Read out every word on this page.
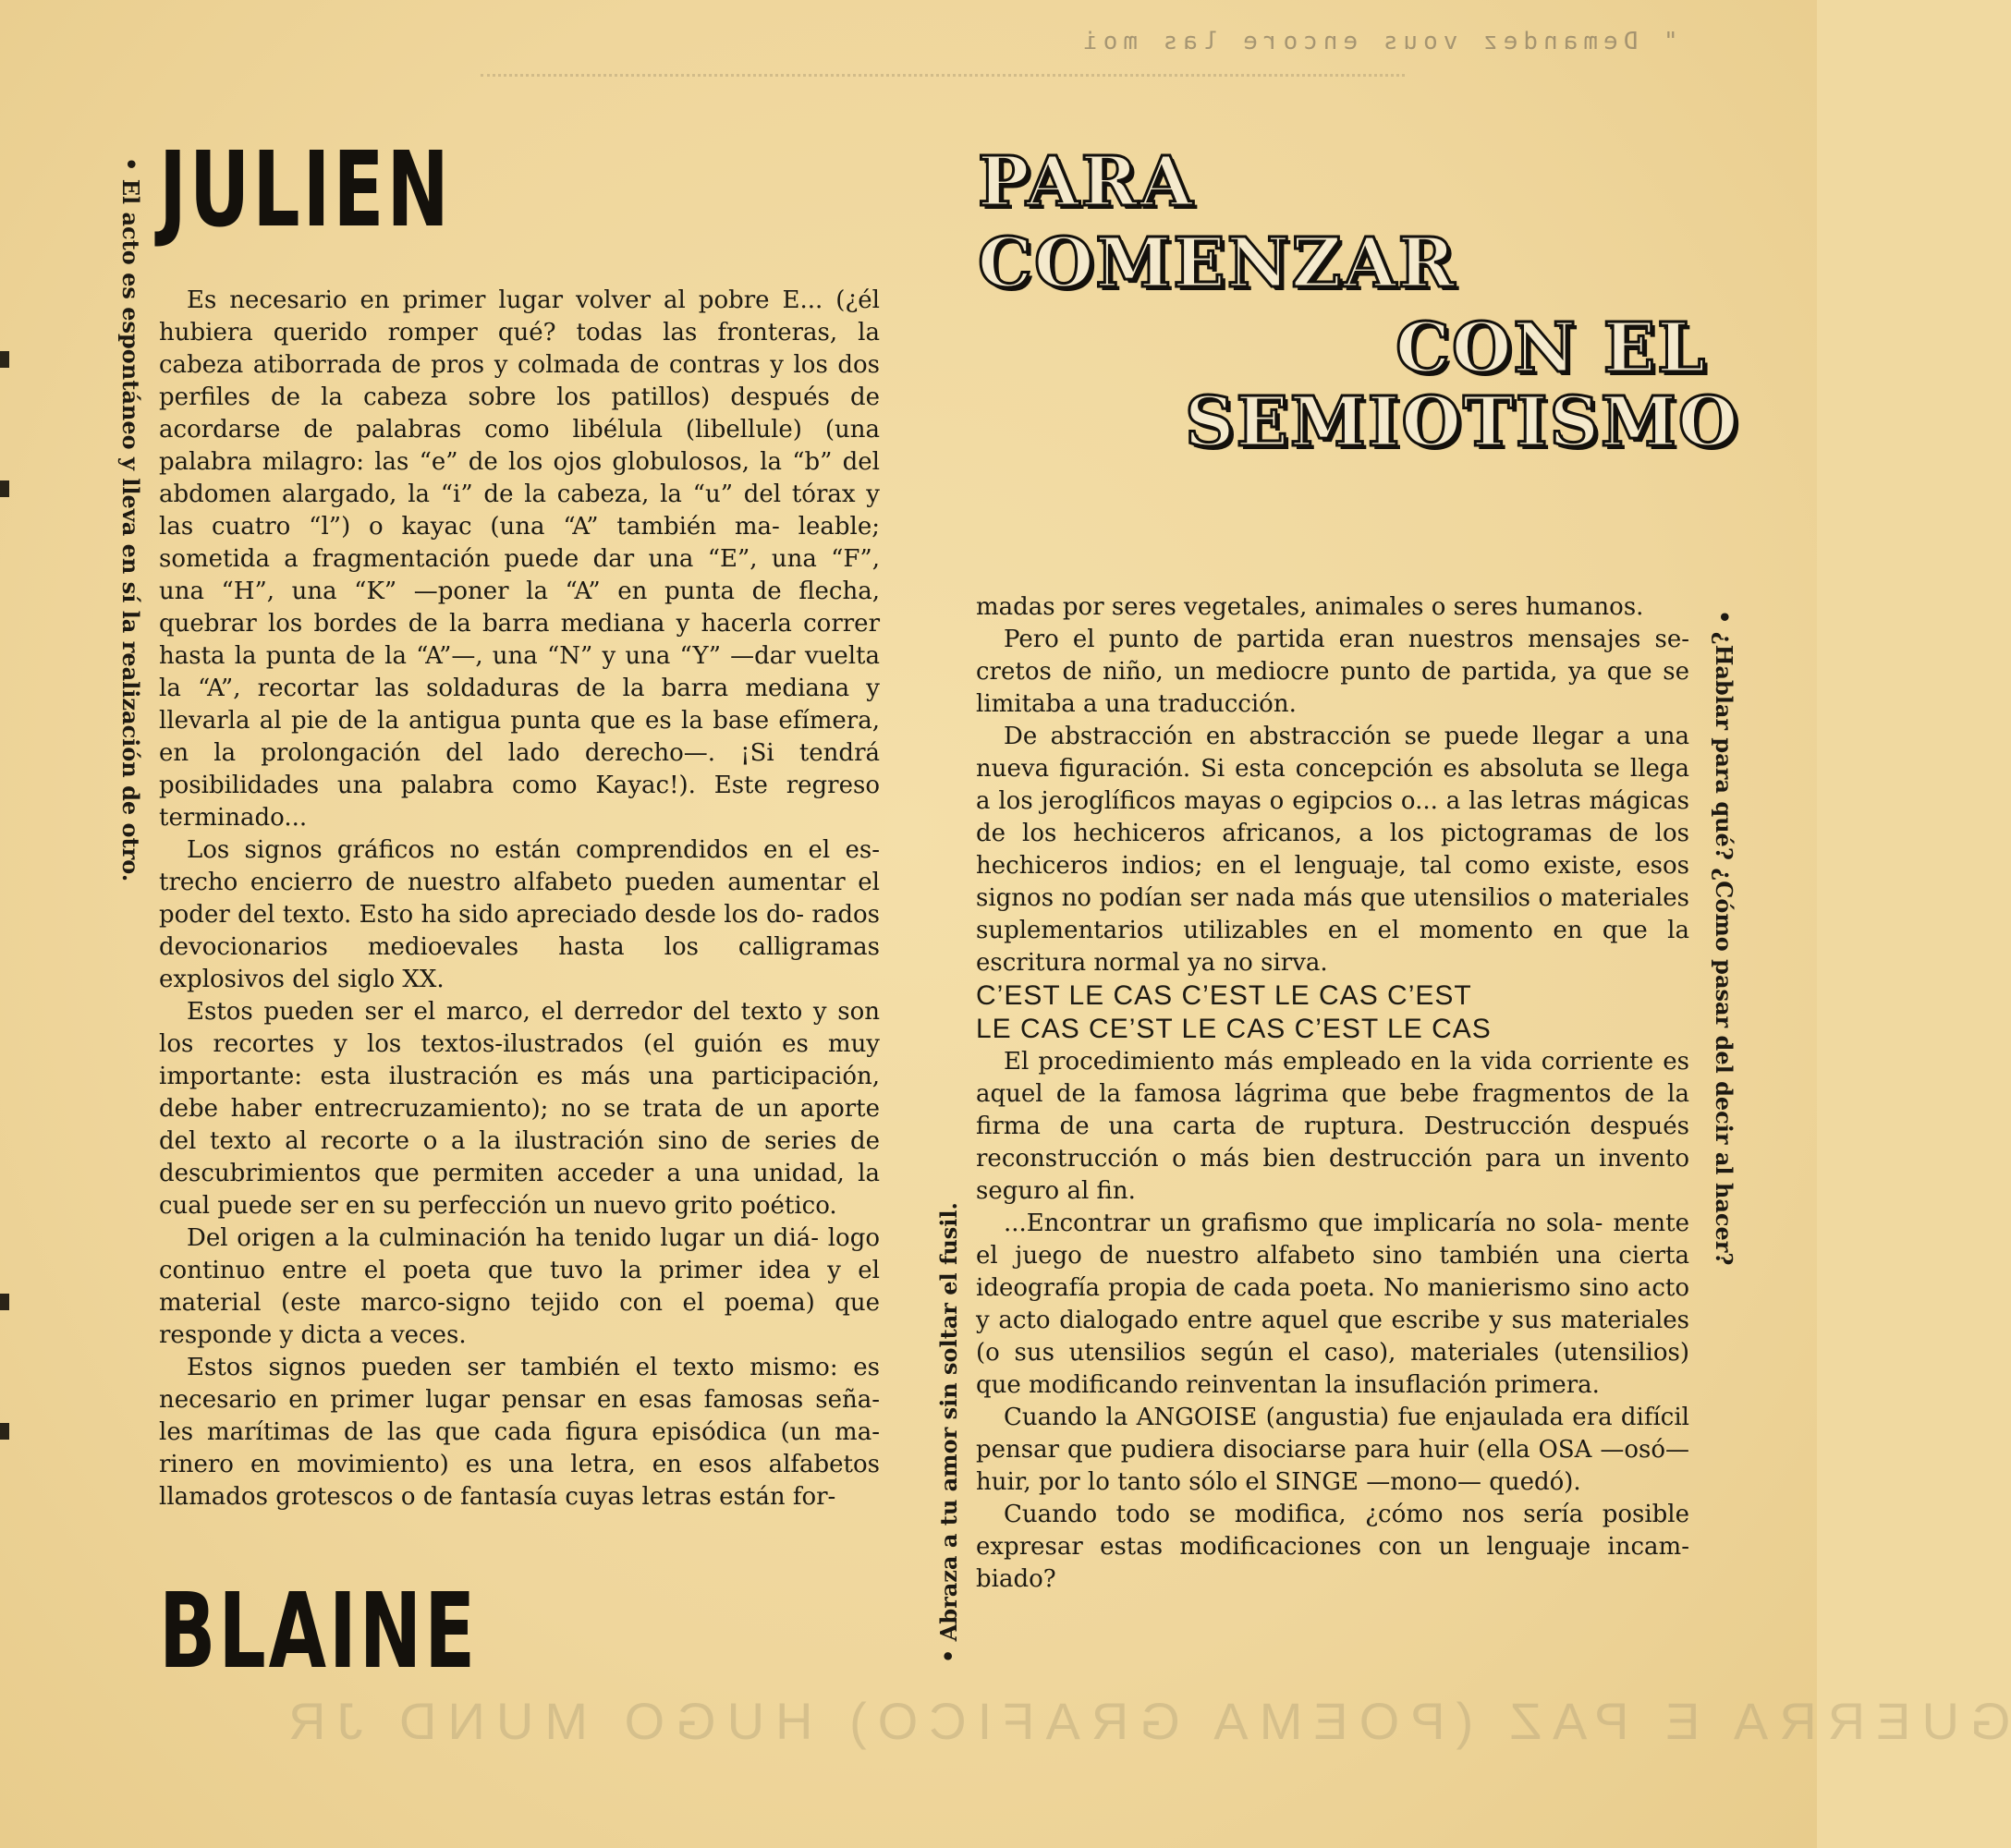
" Demandez vous encore las moi
GUERRA E PAZ (POEMA GRAFICO) HUGO MUND JR
• El acto es espontáneo y lleva en sí la realización de otro. JULIEN

Es necesario en primer lugar volver al pobre E... (¿él hubiera querido romper qué? todas las fronteras, la cabeza atiborrada de pros y colmada de contras y los dos perfiles de la cabeza sobre los patillos) después de acordarse de palabras como libélula (libellule) (una palabra milagro: las “e” de los ojos globulosos, la “b” del abdomen alargado, la “i” de la cabeza, la “u” del tórax y las cuatro “l”) o kayac (una “A” también ma- leable; sometida a fragmentación puede dar una “E”, una “F”, una “H”, una “K” —poner la “A” en punta de flecha, quebrar los bordes de la barra mediana y hacerla correr hasta la punta de la “A”—, una “N” y una “Y” —dar vuelta la “A”, recortar las soldaduras de la barra mediana y llevarla al pie de la antigua punta que es la base efímera, en la prolongación del lado derecho—. ¡Si tendrá posibilidades una palabra como Kayac!). Este regreso terminado...

Los signos gráficos no están comprendidos en el es- trecho encierro de nuestro alfabeto pueden aumentar el poder del texto. Esto ha sido apreciado desde los do- rados devocionarios medioevales hasta los calligramas explosivos del siglo XX.

Estos pueden ser el marco, el derredor del texto y son los recortes y los textos-ilustrados (el guión es muy importante: esta ilustración es más una participación, debe haber entrecruzamiento); no se trata de un aporte del texto al recorte o a la ilustración sino de series de descubrimientos que permiten acceder a una unidad, la cual puede ser en su perfección un nuevo grito poético.

Del origen a la culminación ha tenido lugar un diá- logo continuo entre el poeta que tuvo la primer idea y el material (este marco-signo tejido con el poema) que responde y dicta a veces.

Estos signos pueden ser también el texto mismo: es necesario en primer lugar pensar en esas famosas seña- les marítimas de las que cada figura episódica (un ma- rinero en movimiento) es una letra, en esos alfabetos llamados grotescos o de fantasía cuyas letras están for-

BLAINE	• Abraza a tu amor sin soltar el fusil.
PARA
COMENZAR
CON EL
SEMIOTISMO

madas por seres vegetales, animales o seres humanos.

Pero el punto de partida eran nuestros mensajes se- cretos de niño, un mediocre punto de partida, ya que se limitaba a una traducción.

De abstracción en abstracción se puede llegar a una nueva figuración. Si esta concepción es absoluta se llega a los jeroglíficos mayas o egipcios o... a las letras mágicas de los hechiceros africanos, a los pictogramas de los hechiceros indios; en el lenguaje, tal como existe, esos signos no podían ser nada más que utensilios o materiales suplementarios utilizables en el momento en que la escritura normal ya no sirva.

C’EST LE CAS C’EST LE CAS C’EST

LE CAS CE’ST LE CAS C’EST LE CAS

El procedimiento más empleado en la vida corriente es aquel de la famosa lágrima que bebe fragmentos de la firma de una carta de ruptura. Destrucción después reconstrucción o más bien destrucción para un invento seguro al fin.

...Encontrar un grafismo que implicaría no sola- mente el juego de nuestro alfabeto sino también una cierta ideografía propia de cada poeta. No manierismo sino acto y acto dialogado entre aquel que escribe y sus materiales (o sus utensilios según el caso), materiales (utensilios) que modificando reinventan la insuflación primera.

Cuando la ANGOISE (angustia) fue enjaulada era difícil pensar que pudiera disociarse para huir (ella OSA —osó— huir, por lo tanto sólo el SINGE —mono— quedó).

Cuando todo se modifica, ¿cómo nos sería posible expresar estas modificaciones con un lenguaje incam- biado?

• ¿Hablar para qué? ¿Cómo pasar del decir al hacer?
